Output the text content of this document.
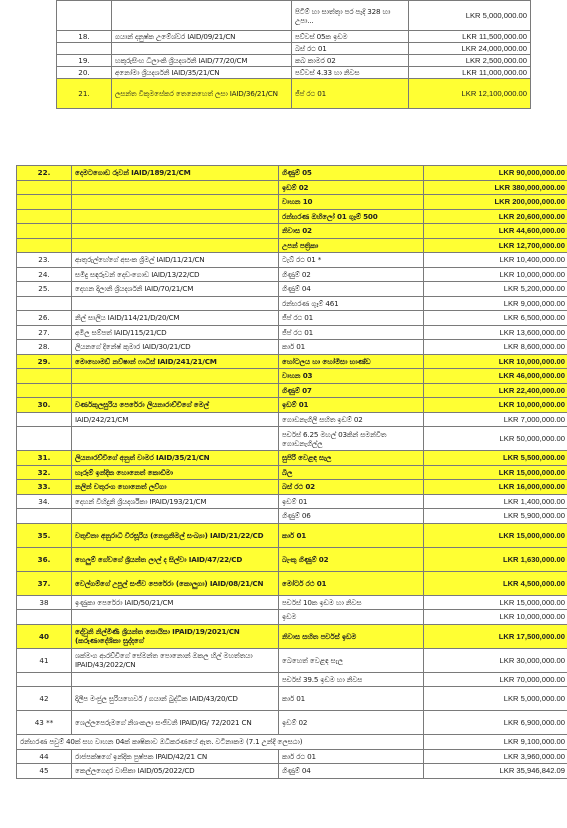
		පිටිම් හා සාත්තුා පර පැදි 328 හා උපා...	LKR 5,000,000.00
18.	ගයාන් දනුෂ්ක උමේශ්වර IAID/09/21/CN	පව්වස් 05ක ඉඩම	LKR 11,500,000.00
		බස් රථ 01	LKR 24,000,000.00
19.	හකුරුසිංහ ධීලාංකි ශ්‍රියදර්ශනි IAID/77/20/CM	කබ කාමර 02	LKR 2,500,000.00
20.	අනෝමා ශ්‍රියදර්ශනි IAID/35/21/CN	පව්වස් 4.33 හා නිවස	LKR 11,000,000.00
21.	ලසන්ත විකුමසේකර තෙනෙහෙත් ලසා IAID/36/21/CN	ජීප් රථ 01	LKR 12,100,000.00
22.	දෙමටගොඩ රුවන් IAID/189/21/CM	ගිණුම් 05	LKR 90,000,000.00
		ඉඩම් 02	LKR 380,000,000.00
		වාහන 10	LKR 200,000,000.00
		රන්භරණ ඔහිලෝ 01 ගුෑම් 500	LKR 20,600,000.00
		නිවාස 02	LKR 44,600,000.00
		උපන් පත්‍රිකා	LKR 12,700,000.00
23.	ආතුරුල්හේගේ අසංක ශ්‍රිමල් IAID/11/21/CN	ටැබ් රථ 01 *	LKR 10,400,000.00
24.	සමිදු සඳරුවන් දෙඩංගොඩ IAID/13/22/CD	ගිණුම් 02	LKR 10,000,000.00
25.	දෙහන දිලානි ශ්‍රියදර්ශනි IAID/70/21/CM	ගිණුම් 04	LKR 5,200,000.00
		රන්භරණ ගුෑම් 461	LKR 9,000,000.00
26.	නිල් සාලිය IAID/114/21/D/20/CM	ජීප් රථ 01	LKR 6,500,000.00
27.	අමිල සම්පත් IAID/115/21/CD	ජීප් රථ 01	LKR 13,600,000.00
28.	ලියනගේ දිනේෂ් කුමාර IAID/30/21/CD	කාර් 01	LKR 8,600,000.00
29.	මොහොමඩ් නව්ෂාන් ෆාධිස් IAID/241/21/CM	හෝටලය හා හෝමිසා භාණ්ඩ	LKR 10,000,000.00
		වාහන 03	LKR 46,000,000.00
		ගිණුම් 07	LKR 22,400,000.00
30.	වර්ණකුලසුරිය පෙරේරා ලියනාරාච්චිගේ මෙල්	ඉඩම් 01	LKR 10,000,000.00
	IAID/242/21/CM	ගොඩනැගිලි සහිත ඉඩම් 02	LKR 7,000,000.00
		පර්චස් 6.25 මහල් 03කින් සමන්විත ගොඩනැගිල්ල	LKR 50,000,000.00
31.	ලියනාරච්චිගේ අනුත් චාමර IAID/35/21/CN	සුපිරි වෙළඳ සැල	LKR 5,500,000.00
32.	හැරුම් ඉන්දික හොනෙත් කොඩිමා	බිල	LKR 15,000,000.00
33.	නලින් චතුරංග හොනෙත් ලව්ගා	බස් රථ 02	LKR 16,000,000.00
34.	දෙහන් විහිදුනි ශ්‍රියදර්ශිකා IPAID/193/21/CM	ඉඩම් 01	LKR 1,400,000.00
		ගිණුම් 06	LKR 5,900,000.00
35.	වතුචිනා අනුරාධි විරසූරිය (නෙග්‍රනිමල් සංඛ්‍යා) IAID/21/22/CD	කාර් 01	LKR 15,000,000.00
36.	හෙලුම් ගේවගේ ශ්‍රියන්ත ලාල් ද සිල්වා IAID/47/22/CD	බැංකු ගිණුම් 02	LKR 1,630,000.00
37.	වෙල්ගම්ගේ උපුල් සංජීව පෙරේරා (කොලුගා) IAID/08/21/CN	මෝටර් රථ 01	LKR 4,500,000.00
38	ඉණුකා පෙරේරා IAID/50/21/CM	පර්චස් 10ක ඉඩම හා නිවස	LKR 15,000,000.00
		ඉඩම	LKR 10,000,000.00
40	දේවුනි නිල්මිණි ශ්‍රියන්ත සොයිසා IPAID/19/2021/CN (කරුණාදේශිකා සුද්දගේ	නිවාස සහිත පර්චස් ඉඩම	LKR 17,500,000.00
41	ශක්මංග ආරච්චිගේ සේමන්ත පොනොන් ඔකල හිල් මහත්තයා IPAID/43/2022/CN	බෙහෙත් වෙළඳ සැල	LKR 30,000,000.00
		පර්චස් 39.5 ඉඩම හා නිවස	LKR 70,000,000.00
42	දිලීප මංජුල සුරියහෙවර් / ගයාන් බුද්ධික IAID/43/20/CD	කාර් 01	LKR 5,000,000.00
43 **	ශෙල්ලපෙරුමගේ නිශංකලා සංජිවනි IPAID/IG/ 72/2021 CN	ඉඩම් 02	LKR 6,900,000.00
රන්භරණ පවුම් 40ක් සහ වාහන 04ක් කෘෂිකාව ඔධිකරණයේ ඇත. වටිනාකම (7.1 උන්දී ලෙසඨා)			LKR 9,100,000.00
44	රාජපක්ෂගේ ඉන්දික පුෂ්පක IPAID/42/21 CN	කාර් රථ 01	LKR 3,960,000.00
45	කෙල්ලගෙදර වාසිකා IAID/05/2022/CD	ගිණුම් 04	LKR 35,946,842.09
